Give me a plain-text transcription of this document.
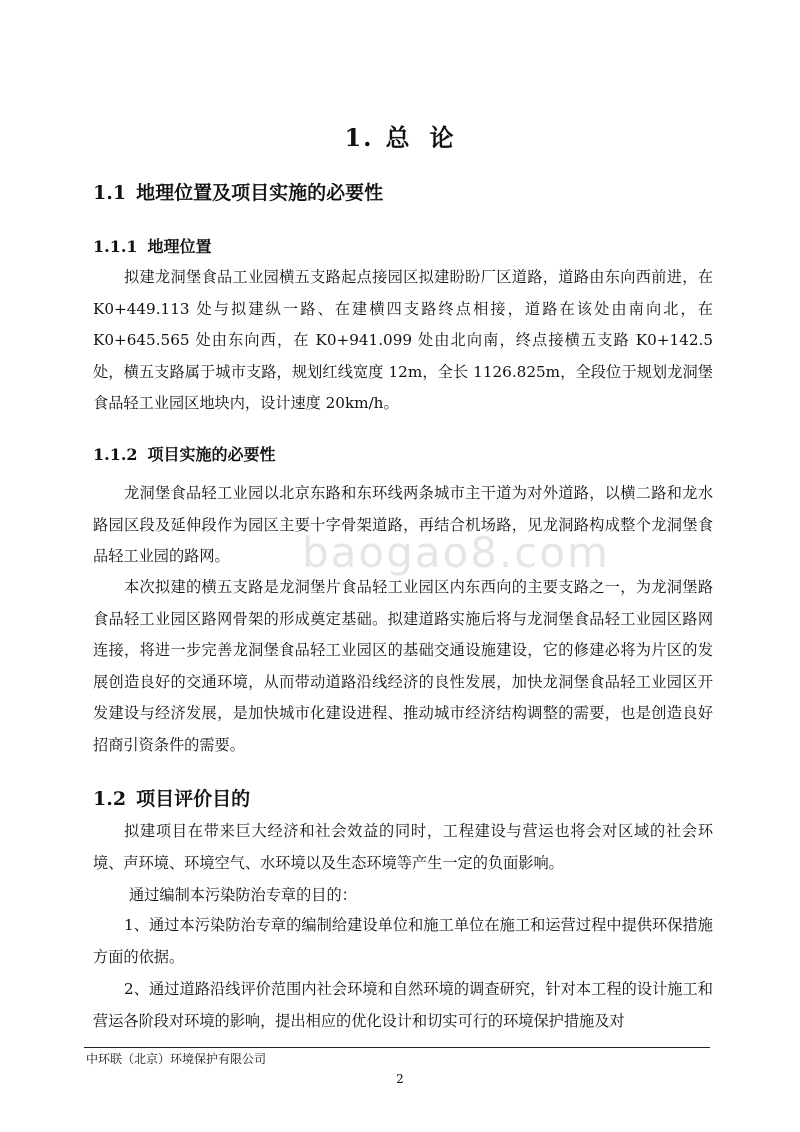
1. 总 论
1.1 地理位置及项目实施的必要性
1.1.1 地理位置

拟建龙洞堡食品工业园横五支路起点接园区拟建盼盼厂区道路，道路由东向西前进，在 K0+449.113 处与拟建纵一路、在建横四支路终点相接，道路在该处由南向北，在 K0+645.565 处由东向西，在 K0+941.099 处由北向南，终点接横五支路 K0+142.5 处，横五支路属于城市支路，规划红线宽度 12m，全长 1126.825m，全段位于规划龙洞堡食品轻工业园区地块内，设计速度 20km/h。

1.1.2 项目实施的必要性

龙洞堡食品轻工业园以北京东路和东环线两条城市主干道为对外道路，以横二路和龙水路园区段及延伸段作为园区主要十字骨架道路，再结合机场路，见龙洞路构成整个龙洞堡食品轻工业园的路网。

本次拟建的横五支路是龙洞堡片食品轻工业园区内东西向的主要支路之一，为龙洞堡路食品轻工业园区路网骨架的形成奠定基础。拟建道路实施后将与龙洞堡食品轻工业园区路网连接，将进一步完善龙洞堡食品轻工业园区的基础交通设施建设，它的修建必将为片区的发展创造良好的交通环境，从而带动道路沿线经济的良性发展，加快龙洞堡食品轻工业园区开发建设与经济发展，是加快城市化建设进程、推动城市经济结构调整的需要，也是创造良好招商引资条件的需要。

1.2 项目评价目的

拟建项目在带来巨大经济和社会效益的同时，工程建设与营运也将会对区域的社会环境、声环境、环境空气、水环境以及生态环境等产生一定的负面影响。

通过编制本污染防治专章的目的：

1、通过本污染防治专章的编制给建设单位和施工单位在施工和运营过程中提供环保措施方面的依据。

2、通过道路沿线评价范围内社会环境和自然环境的调查研究，针对本工程的设计施工和营运各阶段对环境的影响，提出相应的优化设计和切实可行的环境保护措施及对

baogao8.com
中环联（北京）环境保护有限公司
2
